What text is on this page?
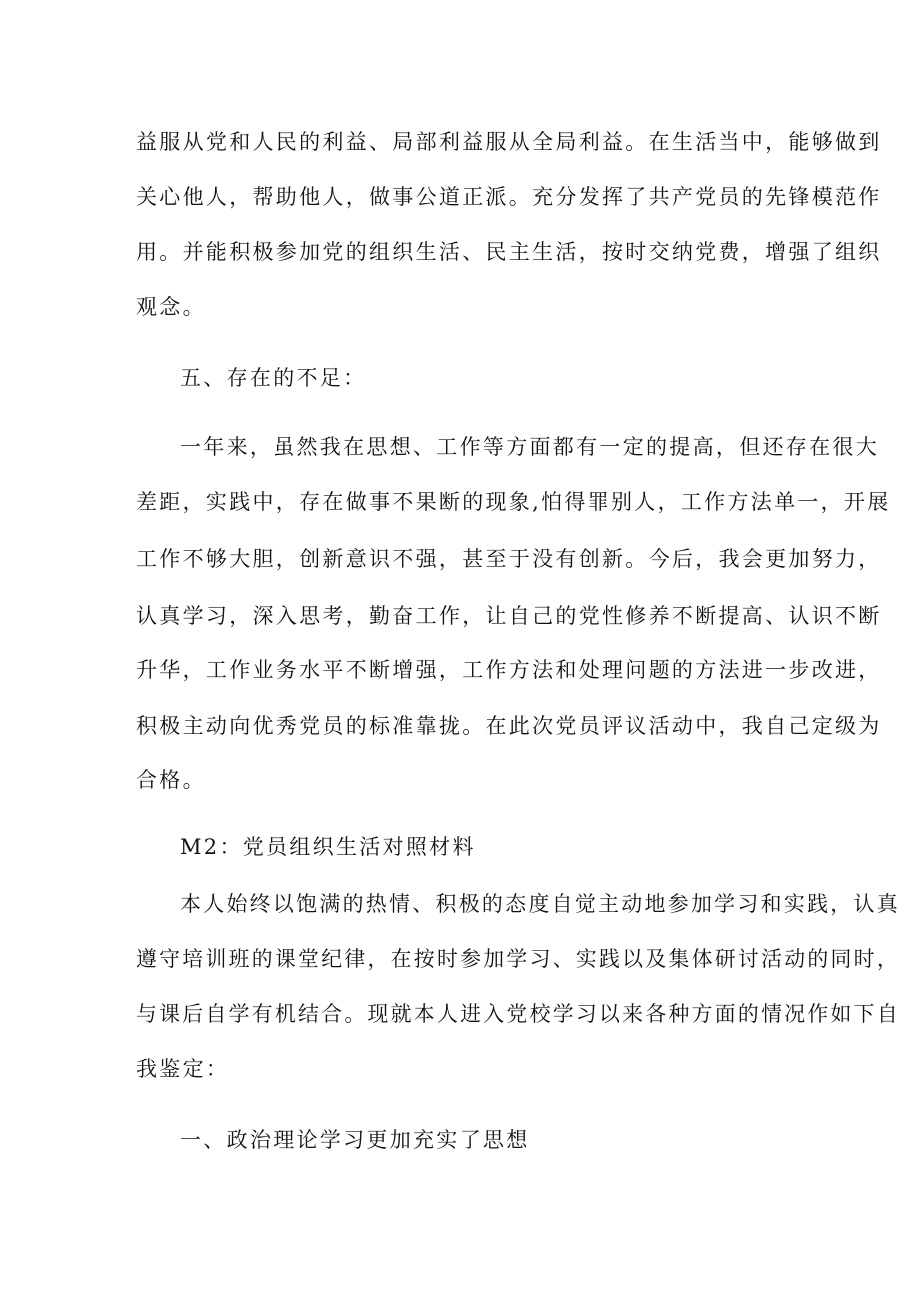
益服从党和人民的利益、局部利益服从全局利益。在生活当中，能够做到
关心他人，帮助他人，做事公道正派。充分发挥了共产党员的先锋模范作
用。并能积极参加党的组织生活、民主生活，按时交纳党费，增强了组织
观念。
五、存在的不足：
一年来，虽然我在思想、工作等方面都有一定的提高，但还存在很大
差距，实践中，存在做事不果断的现象,怕得罪别人，工作方法单一，开展
工作不够大胆，创新意识不强，甚至于没有创新。今后，我会更加努力，
认真学习，深入思考，勤奋工作，让自己的党性修养不断提高、认识不断
升华，工作业务水平不断增强，工作方法和处理问题的方法进一步改进，
积极主动向优秀党员的标准靠拢。在此次党员评议活动中，我自己定级为
合格。
M2：党员组织生活对照材料
本人始终以饱满的热情、积极的态度自觉主动地参加学习和实践，认真
遵守培训班的课堂纪律，在按时参加学习、实践以及集体研讨活动的同时，
与课后自学有机结合。现就本人进入党校学习以来各种方面的情况作如下自
我鉴定：
一、政治理论学习更加充实了思想
